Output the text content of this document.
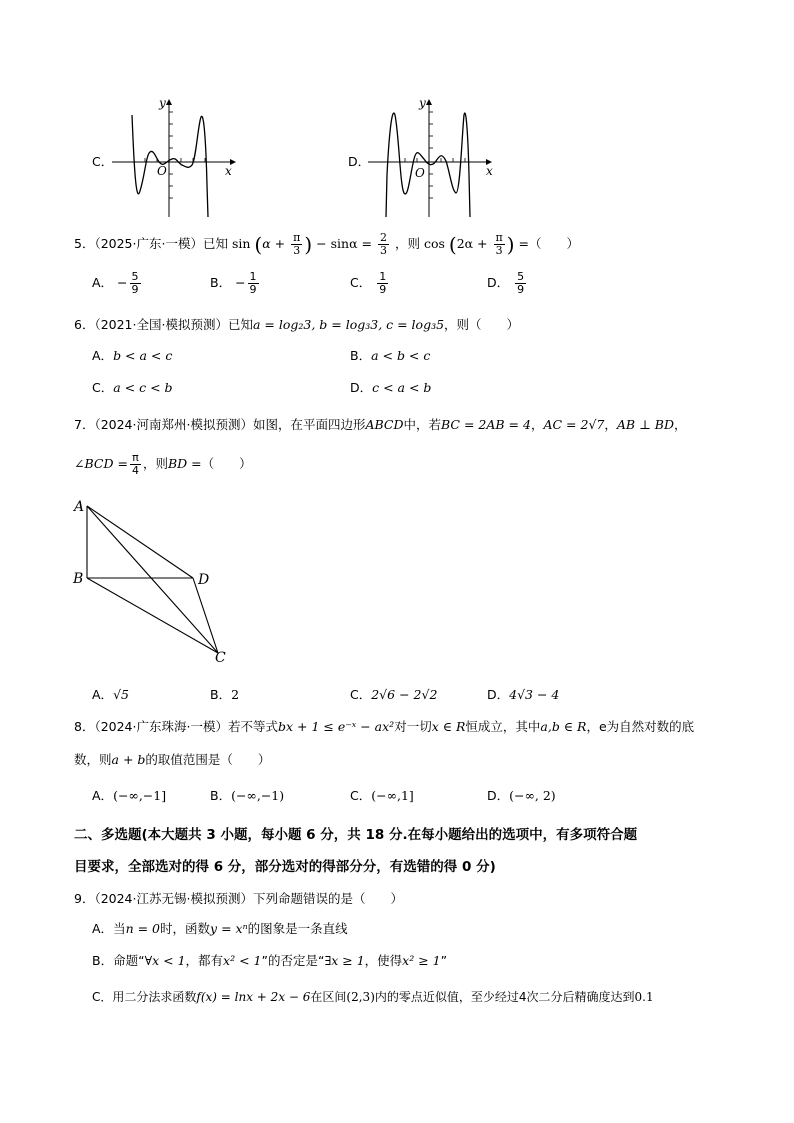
C．
y
x
O
D．
y
x
O
5．（2025·广东·一模）已知 $\sin (\alpha + \frac{\pi}{3}$ ) − $\sin\alpha = \frac{2}{3}$ ，则 $\cos (2\alpha + \frac{\pi}{3}$ ) =（　　）
A． − $\frac{5}{9}$	B． − $\frac{1}{9}$	C． $\frac{1}{9}$	D． $\frac{5}{9}$
6．（2021·全国·模拟预测）已知a = log₂3, b = log₃3, c = log₃5，则（　　）
A．b < a < c	B．a < b < c
C．a < c < b	D．c < a < b
7．（2024·河南郑州·模拟预测）如图，在平面四边形ABCD中，若BC = 2AB = 4，AC = 2√7，AB ⊥ BD，
∠BCD = $\frac{\pi}{4}$ ，则BD =（　　）
A
B	D
C
A．√5	B．2	C．2√6 − 2√2	D．4√3 − 4
8．（2024·广东珠海·一模）若不等式bx + 1 ≤ e⁻ˣ − ax²对一切x ∈ R恒成立，其中a,b ∈ R，e为自然对数的底
数，则a + b的取值范围是（　　）
A．(−∞,−1]	B．(−∞,−1)	C．(−∞,1]	D．(−∞, 2)
二、多选题(本大题共 3 小题，每小题 6 分，共 18 分.在每小题给出的选项中，有多项符合题
目要求，全部选对的得 6 分，部分选对的得部分分，有选错的得 0 分)
9．（2024·江苏无锡·模拟预测）下列命题错误的是（　　）
A．当n = 0时，函数y = xⁿ的图象是一条直线
B．命题“∀x < 1，都有x² < 1”的否定是“∃x ≥ 1，使得x² ≥ 1”
C．用二分法求函数f(x) = lnx + 2x − 6在区间(2,3)内的零点近似值，至少经过4次二分后精确度达到0.1
